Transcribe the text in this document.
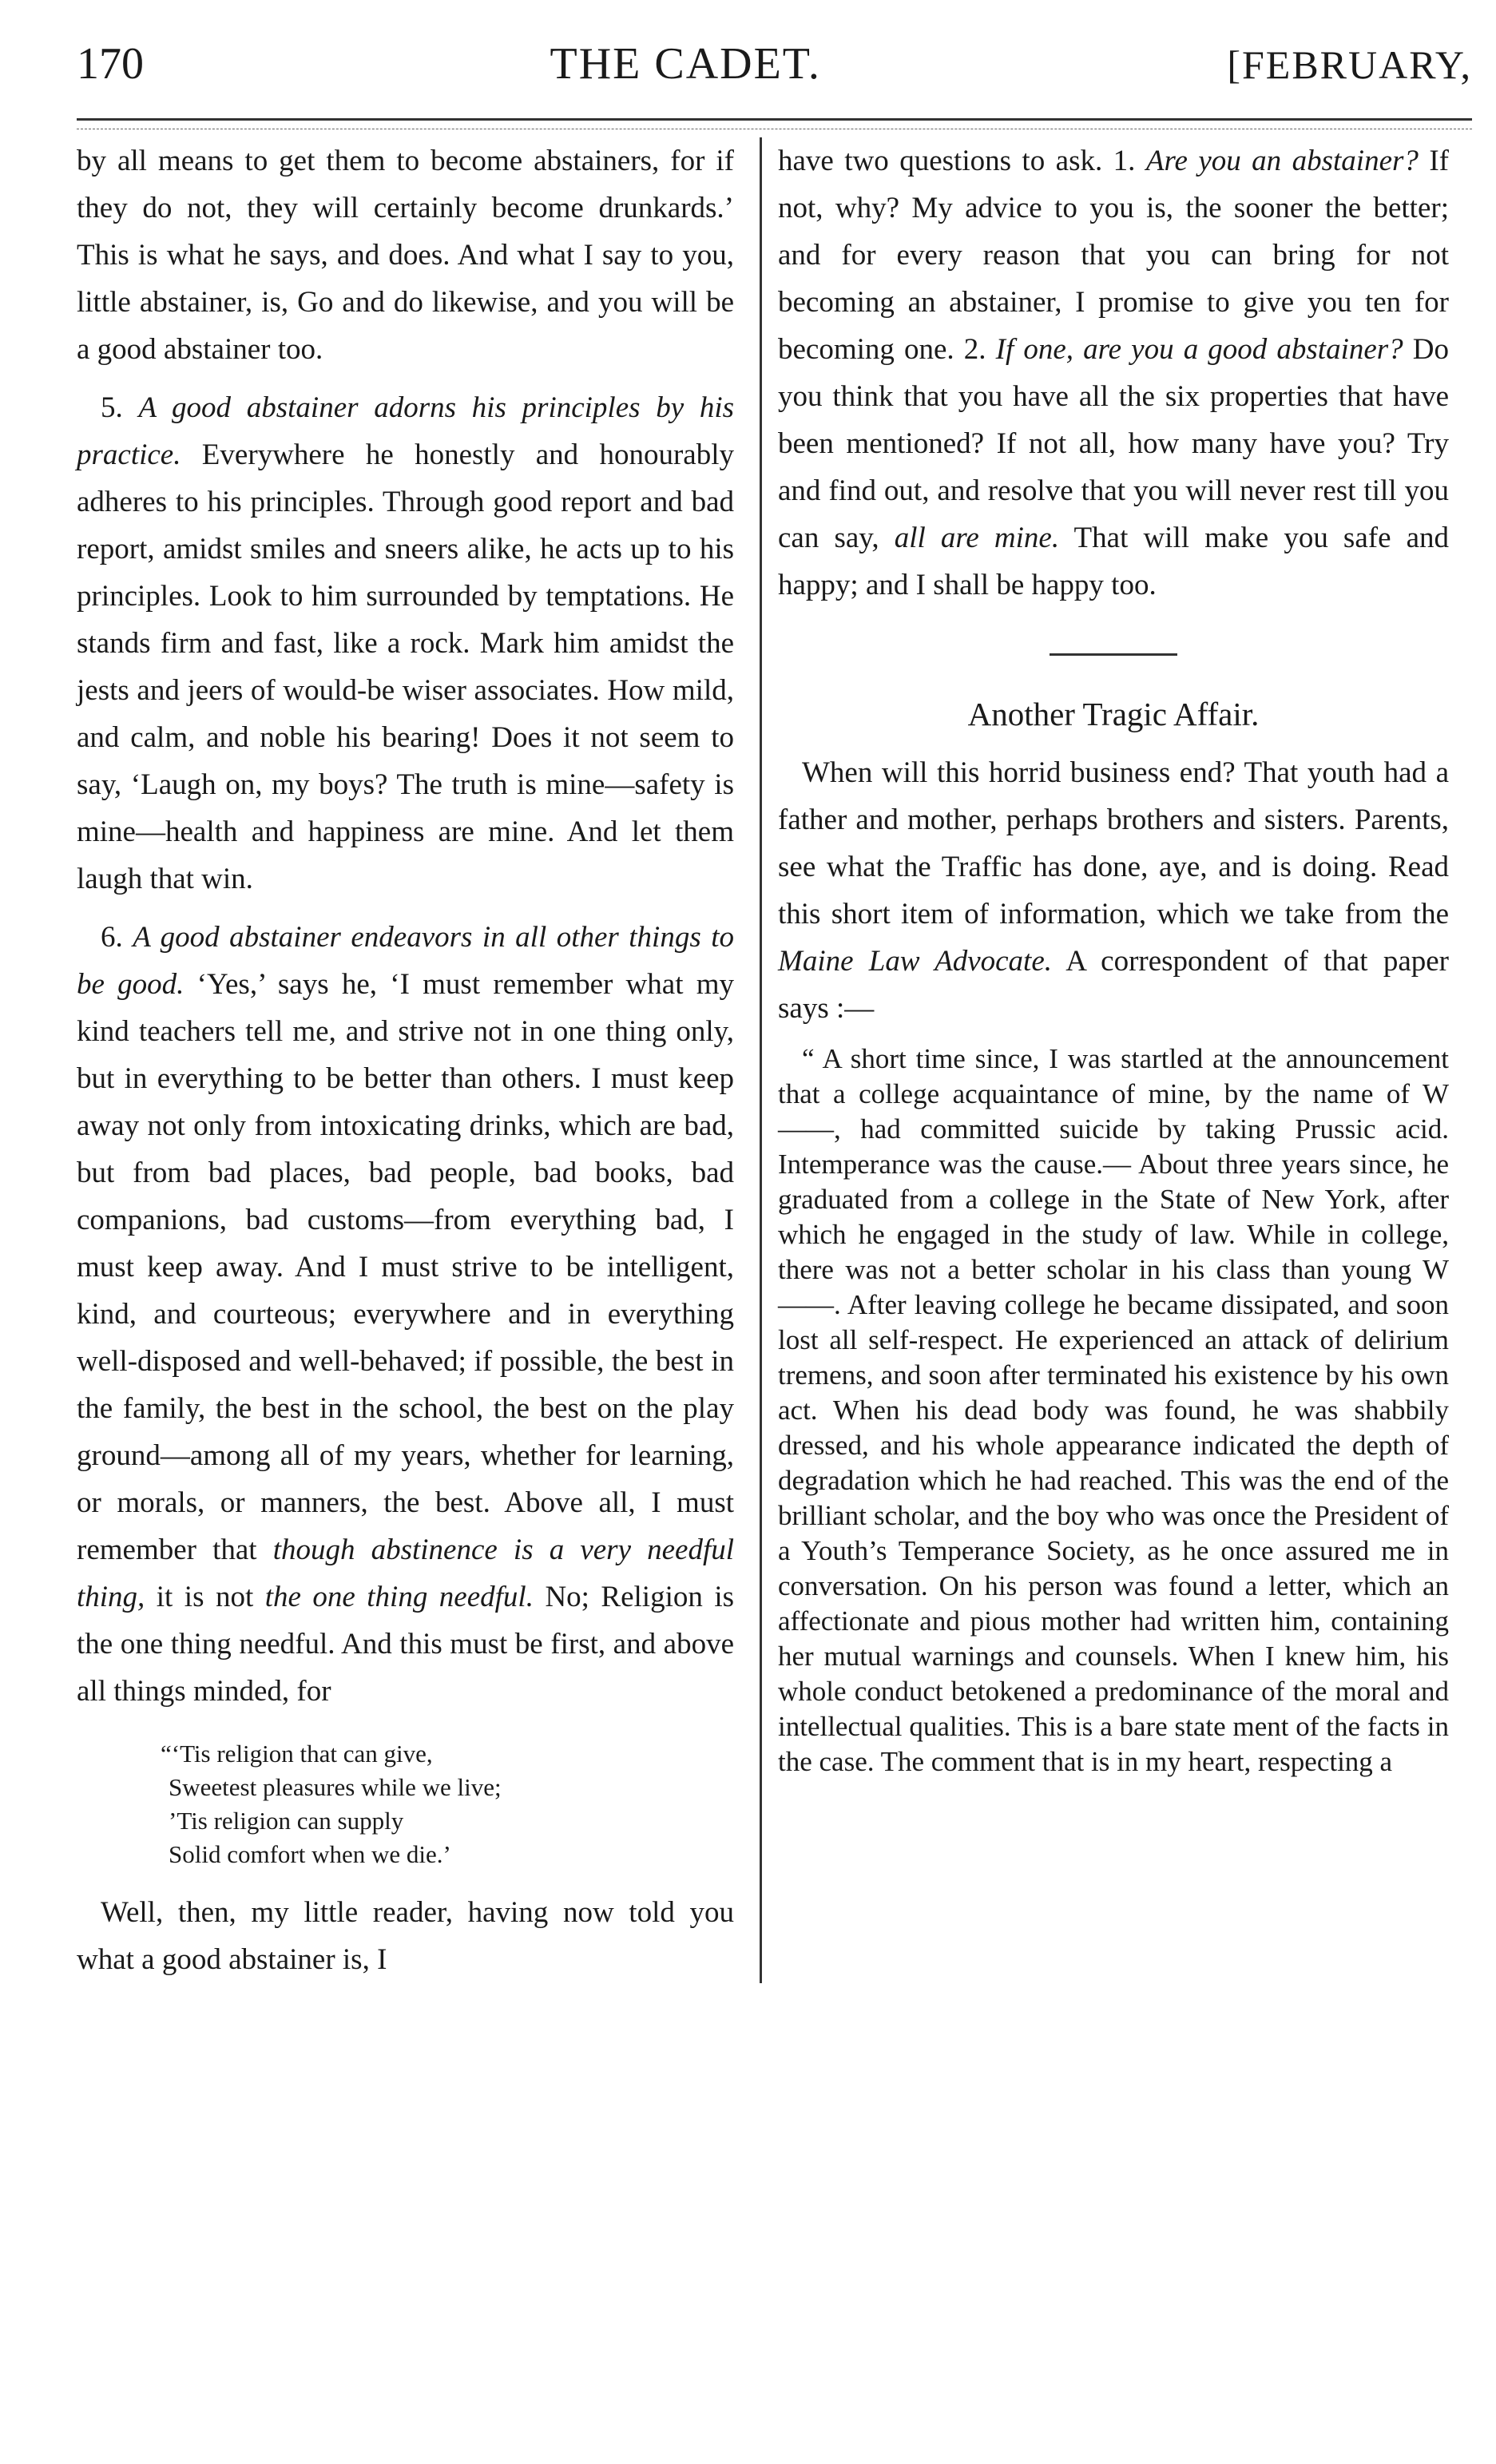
170	THE CADET.	[FEBRUARY,

by all means to get them to become abstainers, for if they do not, they will certainly become drunkards.’ This is what he says, and does. And what I say to you, little abstainer, is, Go and do likewise, and you will be a good abstainer too.

5. A good abstainer adorns his principles by his practice. Everywhere he honestly and honourably adheres to his principles. Through good report and bad report, amidst smiles and sneers alike, he acts up to his principles. Look to him surrounded by temptations. He stands firm and fast, like a rock. Mark him amidst the jests and jeers of would-be wiser associates. How mild, and calm, and noble his bearing! Does it not seem to say, ‘Laugh on, my boys? The truth is mine—safety is mine—health and happiness are mine. And let them laugh that win.

6. A good abstainer endeavors in all other things to be good. ‘Yes,’ says he, ‘I must remember what my kind teachers tell me, and strive not in one thing only, but in everything to be better than others. I must keep away not only from intoxicating drinks, which are bad, but from bad places, bad people, bad books, bad companions, bad customs—from everything bad, I must keep away. And I must strive to be intelligent, kind, and courteous; everywhere and in everything well-disposed and well-behaved; if possible, the best in the family, the best in the school, the best on the play ground—among all of my years, whether for learning, or morals, or manners, the best. Above all, I must remember that though abstinence is a very needful thing, it is not the one thing needful. No; Religion is the one thing needful. And this must be first, and above all things minded, for

“‘Tis religion that can give,
Sweetest pleasures while we live;
’Tis religion can supply
Solid comfort when we die.’

Well, then, my little reader, having now told you what a good abstainer is, I

have two questions to ask. 1. Are you an abstainer? If not, why? My advice to you is, the sooner the better; and for every reason that you can bring for not becoming an abstainer, I promise to give you ten for becoming one. 2. If one, are you a good abstainer? Do you think that you have all the six properties that have been mentioned? If not all, how many have you? Try and find out, and resolve that you will never rest till you can say, all are mine. That will make you safe and happy; and I shall be happy too.

Another Tragic Affair.

When will this horrid business end? That youth had a father and mother, perhaps brothers and sisters. Parents, see what the Traffic has done, aye, and is doing. Read this short item of information, which we take from the Maine Law Advocate. A correspondent of that paper says :—

“ A short time since, I was startled at the announcement that a college acquaintance of mine, by the name of W——, had committed suicide by taking Prussic acid. Intemperance was the cause.— About three years since, he graduated from a college in the State of New York, after which he engaged in the study of law. While in college, there was not a better scholar in his class than young W——. After leaving college he became dissipated, and soon lost all self-respect. He experienced an attack of delirium tremens, and soon after terminated his existence by his own act. When his dead body was found, he was shabbily dressed, and his whole appearance indicated the depth of degradation which he had reached. This was the end of the brilliant scholar, and the boy who was once the President of a Youth’s Temperance Society, as he once assured me in conversation. On his person was found a letter, which an affectionate and pious mother had written him, containing her mutual warnings and counsels. When I knew him, his whole conduct betokened a predominance of the moral and intellectual qualities. This is a bare state ment of the facts in the case. The comment that is in my heart, respecting a
